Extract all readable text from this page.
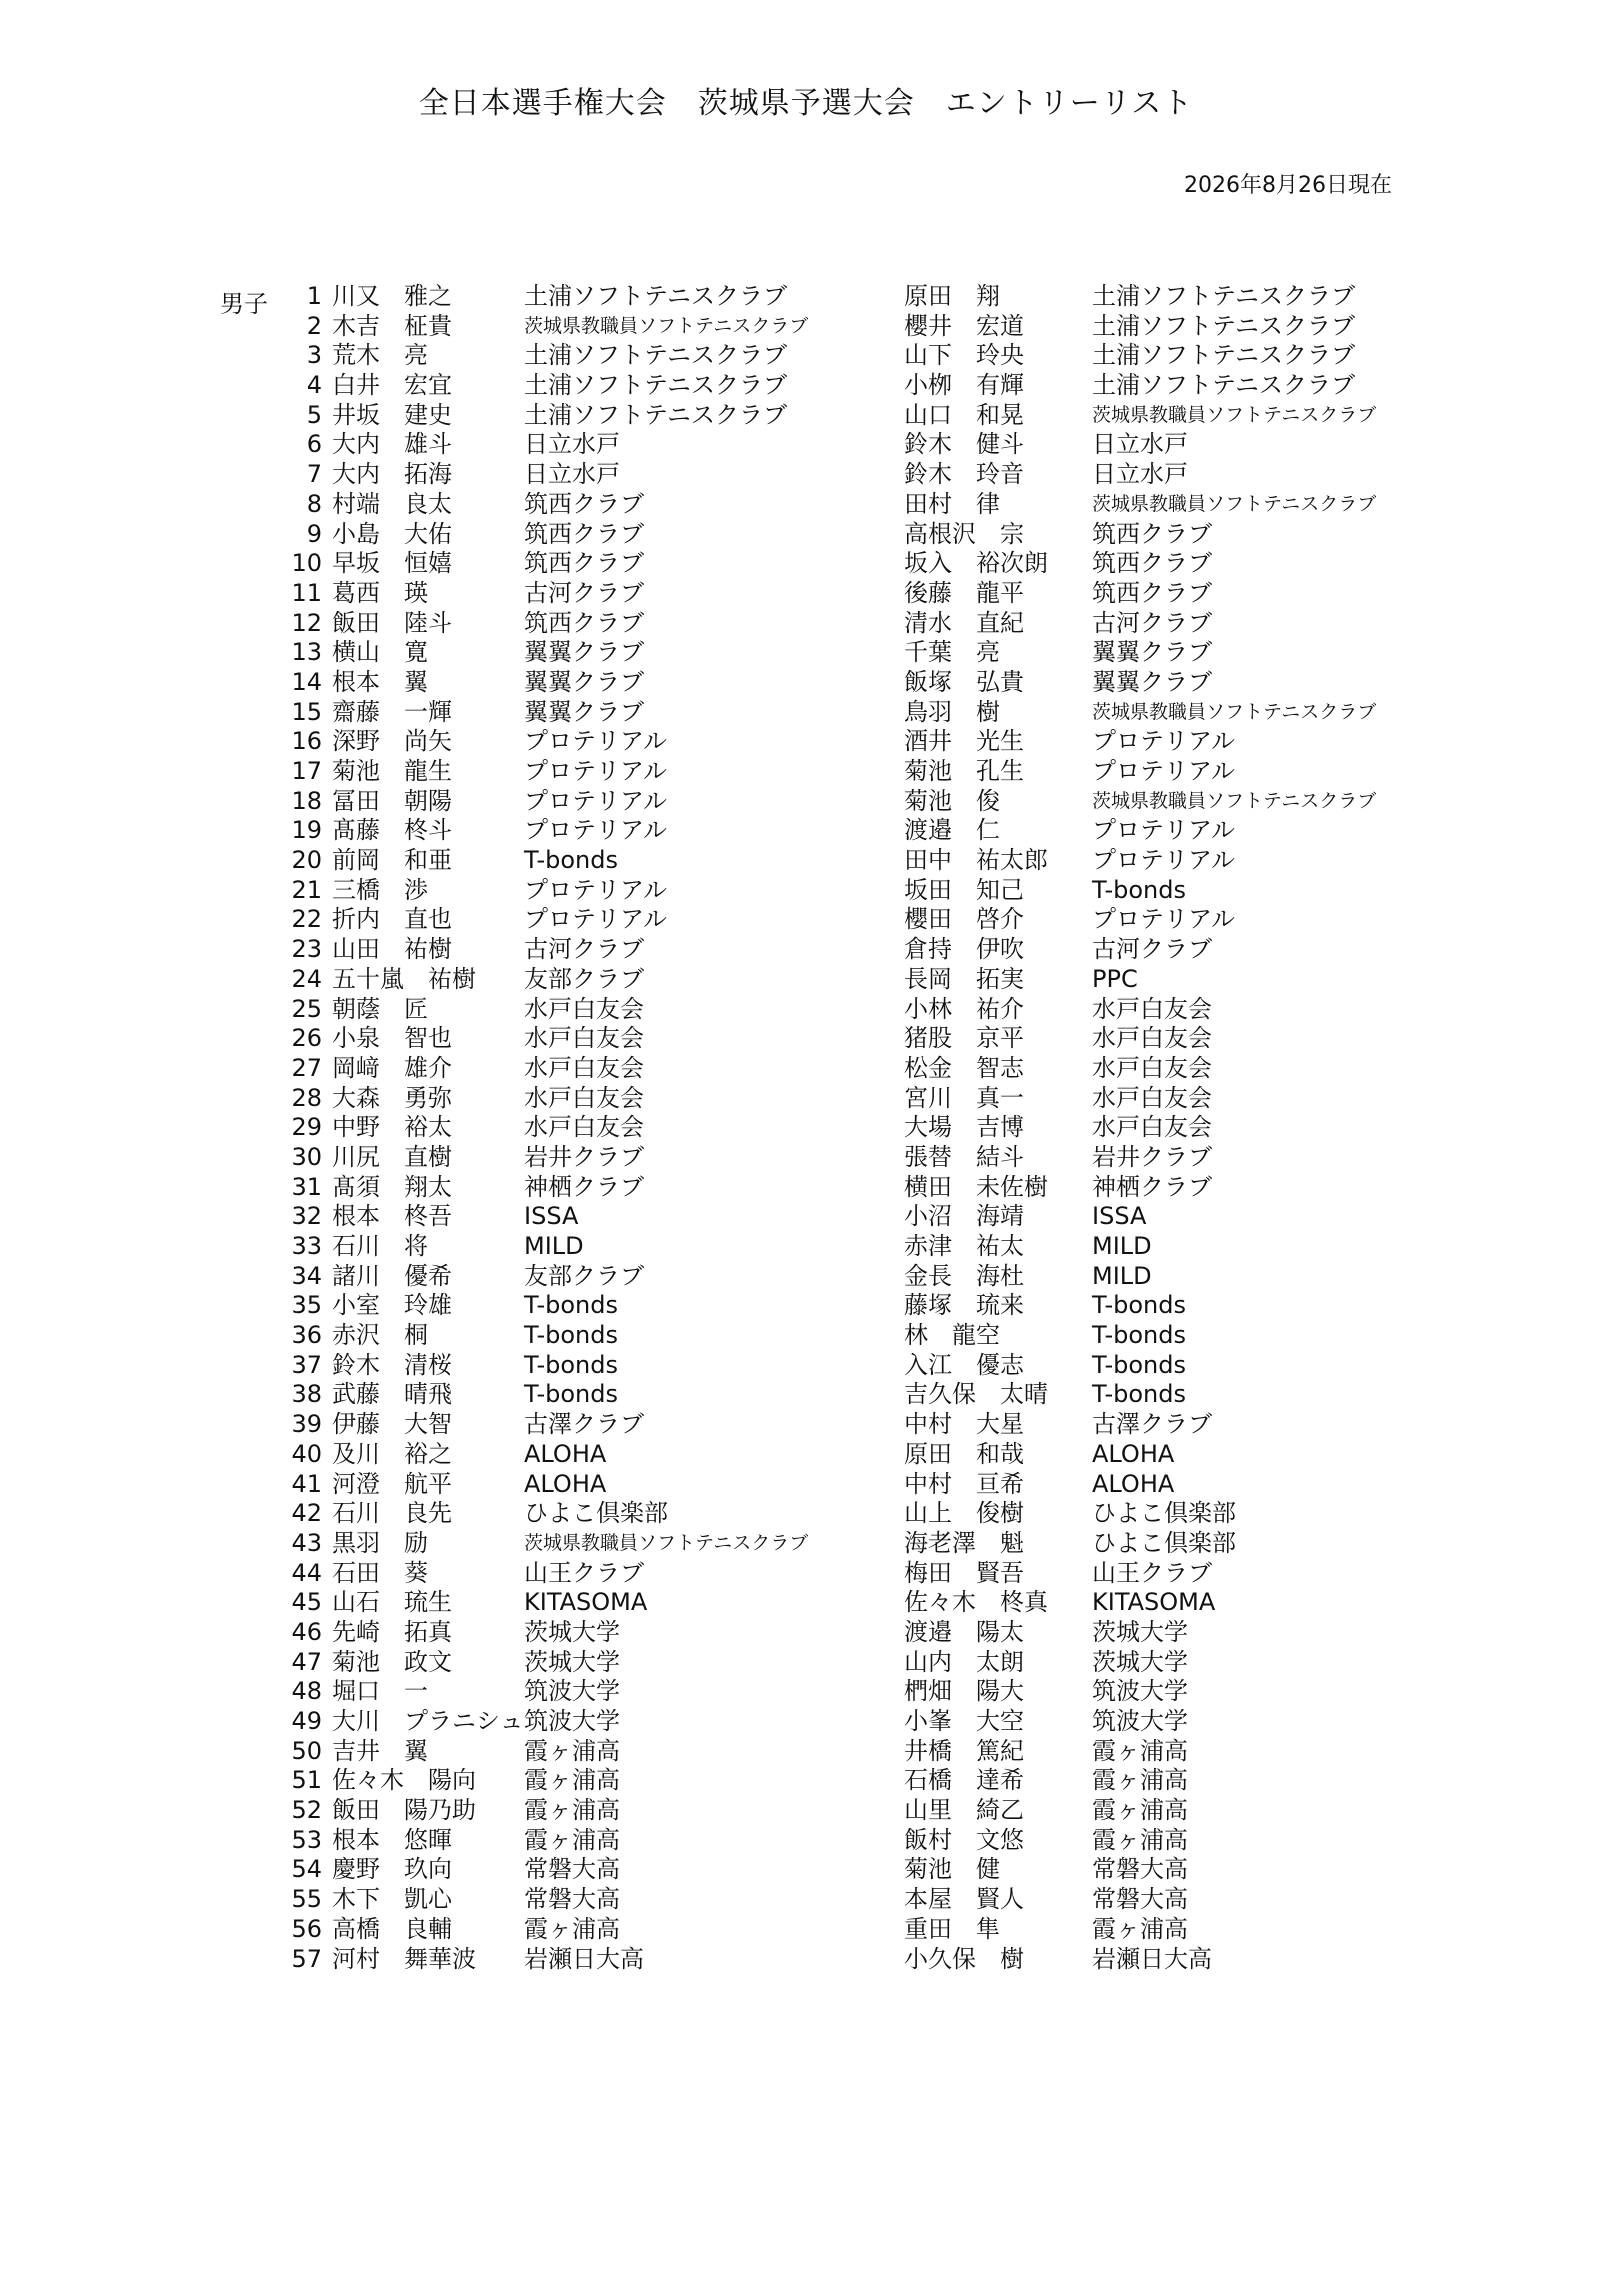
全日本選手権大会　茨城県予選大会　エントリーリスト
2026年8月26日現在
男子	1 川又　雅之	土浦ソフトテニスクラブ	原田　翔	土浦ソフトテニスクラブ
2 木吉　柾貴	茨城県教職員ソフトテニスクラブ	櫻井　宏道	土浦ソフトテニスクラブ
3 荒木　亮	土浦ソフトテニスクラブ	山下　玲央	土浦ソフトテニスクラブ
4 白井　宏宜	土浦ソフトテニスクラブ	小栁　有輝	土浦ソフトテニスクラブ
5 井坂　建史	土浦ソフトテニスクラブ	山口　和晃	茨城県教職員ソフトテニスクラブ
6 大内　雄斗	日立水戸	鈴木　健斗	日立水戸
7 大内　拓海	日立水戸	鈴木　玲音	日立水戸
8 村端　良太	筑西クラブ	田村　律	茨城県教職員ソフトテニスクラブ
9 小島　大佑	筑西クラブ	高根沢　宗	筑西クラブ
10 早坂　恒嬉	筑西クラブ	坂入　裕次朗 筑西クラブ
11 葛西　瑛	古河クラブ	後藤　龍平	筑西クラブ
12 飯田　陸斗	筑西クラブ	清水　直紀	古河クラブ
13 横山　寛	翼翼クラブ	千葉　亮	翼翼クラブ
14 根本　翼	翼翼クラブ	飯塚　弘貴	翼翼クラブ
15 齋藤　一輝	翼翼クラブ	鳥羽　樹	茨城県教職員ソフトテニスクラブ
16 深野　尚矢	プロテリアル	酒井　光生	プロテリアル
17 菊池　龍生	プロテリアル	菊池　孔生	プロテリアル
18 冨田　朝陽	プロテリアル	菊池　俊	茨城県教職員ソフトテニスクラブ
19 髙藤　柊斗	プロテリアル	渡邉　仁	プロテリアル
20 前岡　和亜	T-bonds	田中　祐太郎 プロテリアル
21 三橋　渉	プロテリアル	坂田　知己	T-bonds
22 折内　直也	プロテリアル	櫻田　啓介	プロテリアル
23 山田　祐樹	古河クラブ	倉持　伊吹	古河クラブ
24 五十嵐　祐樹 友部クラブ	長岡　拓実	PPC
25 朝蔭　匠	水戸白友会	小林　祐介	水戸白友会
26 小泉　智也	水戸白友会	猪股　京平	水戸白友会
27 岡﨑　雄介	水戸白友会	松金　智志	水戸白友会
28 大森　勇弥	水戸白友会	宮川　真一	水戸白友会
29 中野　裕太	水戸白友会	大場　吉博	水戸白友会
30 川尻　直樹	岩井クラブ	張替　結斗	岩井クラブ
31 髙須　翔太	神栖クラブ	横田　未佐樹 神栖クラブ
32 根本　柊吾	ISSA	小沼　海靖	ISSA
33 石川　将	MILD	赤津　祐太	MILD
34 諸川　優希	友部クラブ	金長　海杜	MILD
35 小室　玲雄	T-bonds	藤塚　琉来	T-bonds
36 赤沢　桐	T-bonds	林　龍空	T-bonds
37 鈴木　清桜	T-bonds	入江　優志	T-bonds
38 武藤　晴飛	T-bonds	吉久保　太晴 T-bonds
39 伊藤　大智	古澤クラブ	中村　大星	古澤クラブ
40 及川　裕之	ALOHA	原田　和哉	ALOHA
41 河澄　航平	ALOHA	中村　亘希	ALOHA
42 石川　良先	ひよこ倶楽部	山上　俊樹	ひよこ倶楽部
43 黒羽　励	茨城県教職員ソフトテニスクラブ	海老澤　魁	ひよこ倶楽部
44 石田　葵	山王クラブ	梅田　賢吾	山王クラブ
45 山石　琉生	KITASOMA	佐々木　柊真 KITASOMA
46 先崎　拓真	茨城大学	渡邉　陽太	茨城大学
47 菊池　政文	茨城大学	山内　太朗	茨城大学
48 堀口　一	筑波大学	椚畑　陽大	筑波大学
49 大川　プラニシュ 筑波大学	小峯　大空	筑波大学
50 吉井　翼	霞ヶ浦高	井橋　篤紀	霞ヶ浦高
51 佐々木　陽向 霞ヶ浦高	石橋　達希	霞ヶ浦高
52 飯田　陽乃助 霞ヶ浦高	山里　綺乙	霞ヶ浦高
53 根本　悠暉	霞ヶ浦高	飯村　文悠	霞ヶ浦高
54 慶野　玖向	常磐大高	菊池　健	常磐大高
55 木下　凱心	常磐大高	本屋　賢人	常磐大高
56 高橋　良輔	霞ヶ浦高	重田　隼	霞ヶ浦高
57 河村　舞華波 岩瀬日大高	小久保　樹	岩瀬日大高
